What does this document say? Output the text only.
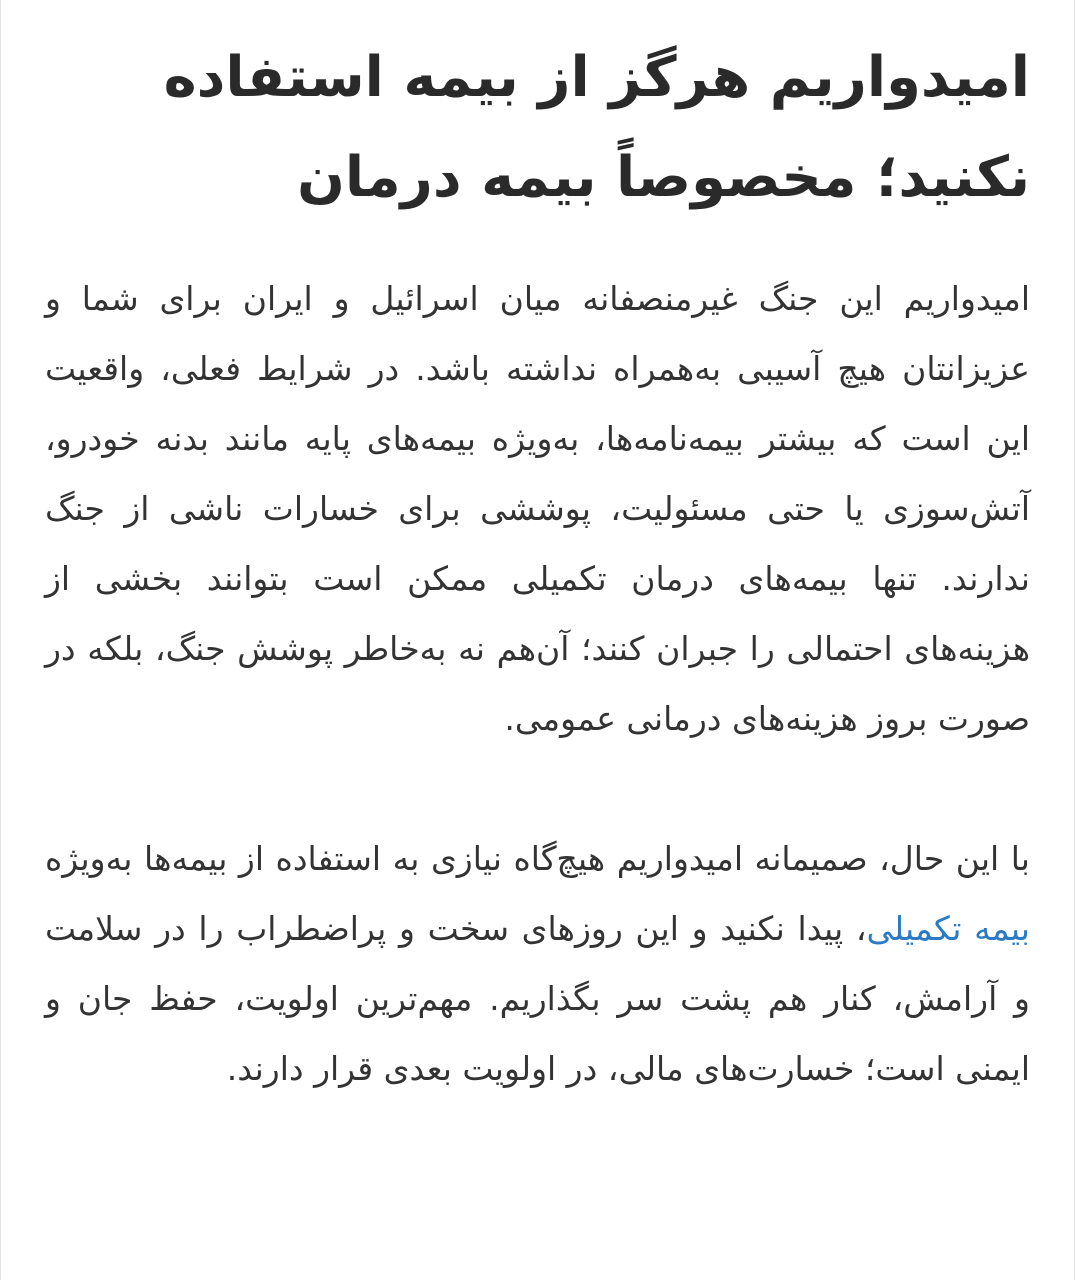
امیدواریم هرگز از بیمه استفاده نکنید؛ مخصوصاً بیمه درمان

امیدواریم این جنگ غیرمنصفانه میان اسرائیل و ایران برای شما و عزیزانتان هیچ آسیبی به‌همراه نداشته باشد. در شرایط فعلی، واقعیت این است که بیشتر بیمه‌نامه‌ها، به‌ویژه بیمه‌های پایه مانند بدنه خودرو، آتش‌سوزی یا حتی مسئولیت، پوششی برای خسارات ناشی از جنگ ندارند. تنها بیمه‌های درمان تکمیلی ممکن است بتوانند بخشی از هزینه‌های احتمالی را جبران کنند؛ آن‌هم نه به‌خاطر پوشش جنگ، بلکه در صورت بروز هزینه‌های درمانی عمومی.

با این حال، صمیمانه امیدواریم هیچ‌گاه نیازی به استفاده از بیمه‌ها به‌ویژه بیمه تکمیلی، پیدا نکنید و این روزهای سخت و پراضطراب را در سلامت و آرامش، کنار هم پشت سر بگذاریم. مهم‌ترین اولویت، حفظ جان و ایمنی است؛ خسارت‌های مالی، در اولویت بعدی قرار دارند.
